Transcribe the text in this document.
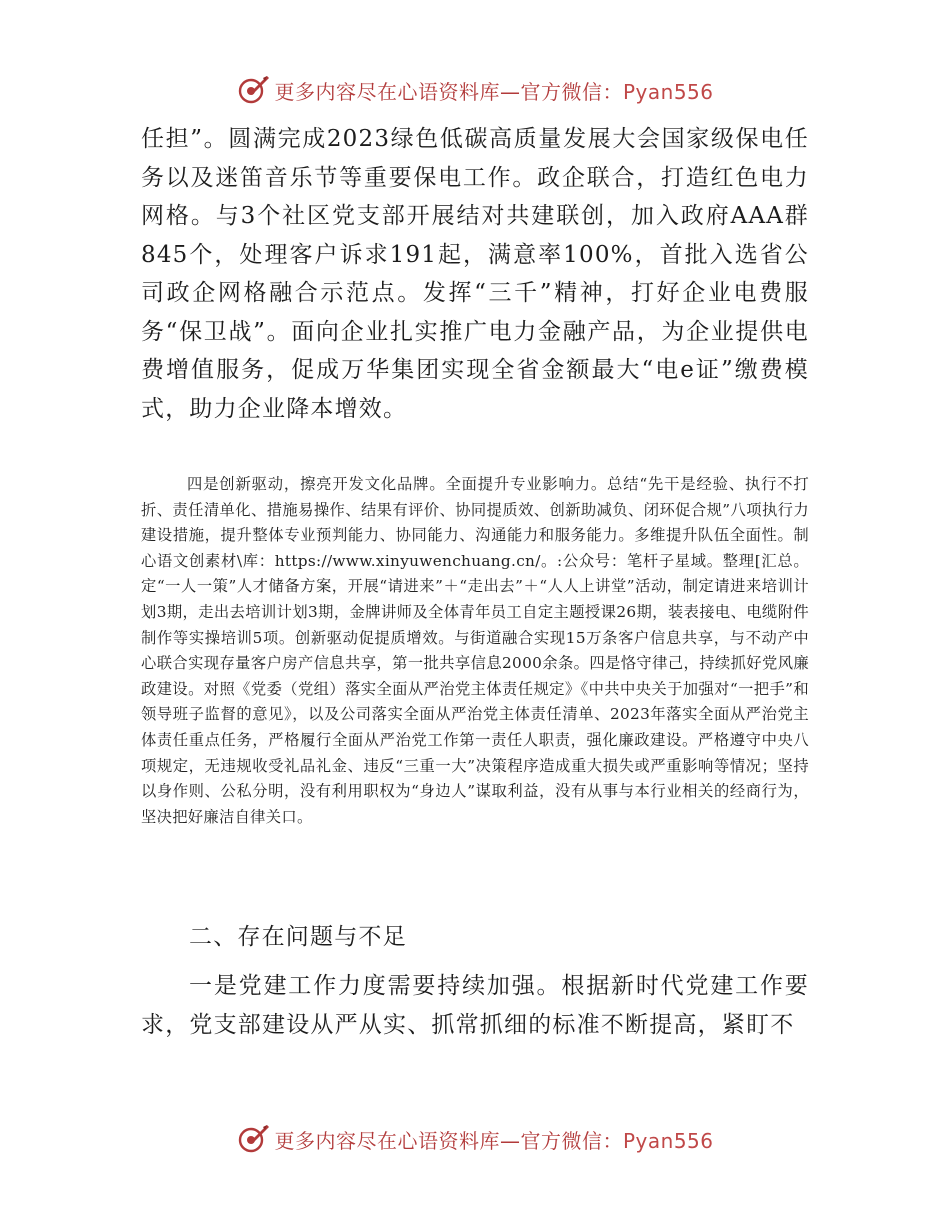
更多内容尽在心语资料库—官方微信：Pyan556

任担”。圆满完成2023绿色低碳高质量发展大会国家级保电任务以及迷笛音乐节等重要保电工作。政企联合，打造红色电力网格。与3个社区党支部开展结对共建联创，加入政府AAA群845个，处理客户诉求191起，满意率100%，首批入选省公司政企网格融合示范点。发挥“三千”精神，打好企业电费服务“保卫战”。面向企业扎实推广电力金融产品，为企业提供电费增值服务，促成万华集团实现全省金额最大“电e证”缴费模式，助力企业降本增效。

四是创新驱动，擦亮开发文化品牌。全面提升专业影响力。总结“先干是经验、执行不打折、责任清单化、措施易操作、结果有评价、协同提质效、创新助减负、闭环促合规”八项执行力建设措施，提升整体专业预判能力、协同能力、沟通能力和服务能力。多维提升队伍全面性。制心语文创素材\库：https://www.xinyuwenchuang.cn/。:公众号：笔杆子星域。整理[汇总。定“一人一策”人才储备方案，开展“请进来”＋“走出去”＋“人人上讲堂”活动，制定请进来培训计划3期，走出去培训计划3期，金牌讲师及全体青年员工自定主题授课26期，装表接电、电缆附件制作等实操培训5项。创新驱动促提质增效。与街道融合实现15万条客户信息共享，与不动产中心联合实现存量客户房产信息共享，第一批共享信息2000余条。四是恪守律己，持续抓好党风廉政建设。对照《党委（党组）落实全面从严治党主体责任规定》《中共中央关于加强对“一把手”和领导班子监督的意见》，以及公司落实全面从严治党主体责任清单、2023年落实全面从严治党主体责任重点任务，严格履行全面从严治党工作第一责任人职责，强化廉政建设。严格遵守中央八项规定，无违规收受礼品礼金、违反“三重一大”决策程序造成重大损失或严重影响等情况；坚持以身作则、公私分明，没有利用职权为“身边人”谋取利益，没有从事与本行业相关的经商行为，坚决把好廉洁自律关口。

二、存在问题与不足

一是党建工作力度需要持续加强。根据新时代党建工作要求，党支部建设从严从实、抓常抓细的标准不断提高，紧盯不

更多内容尽在心语资料库—官方微信：Pyan556
